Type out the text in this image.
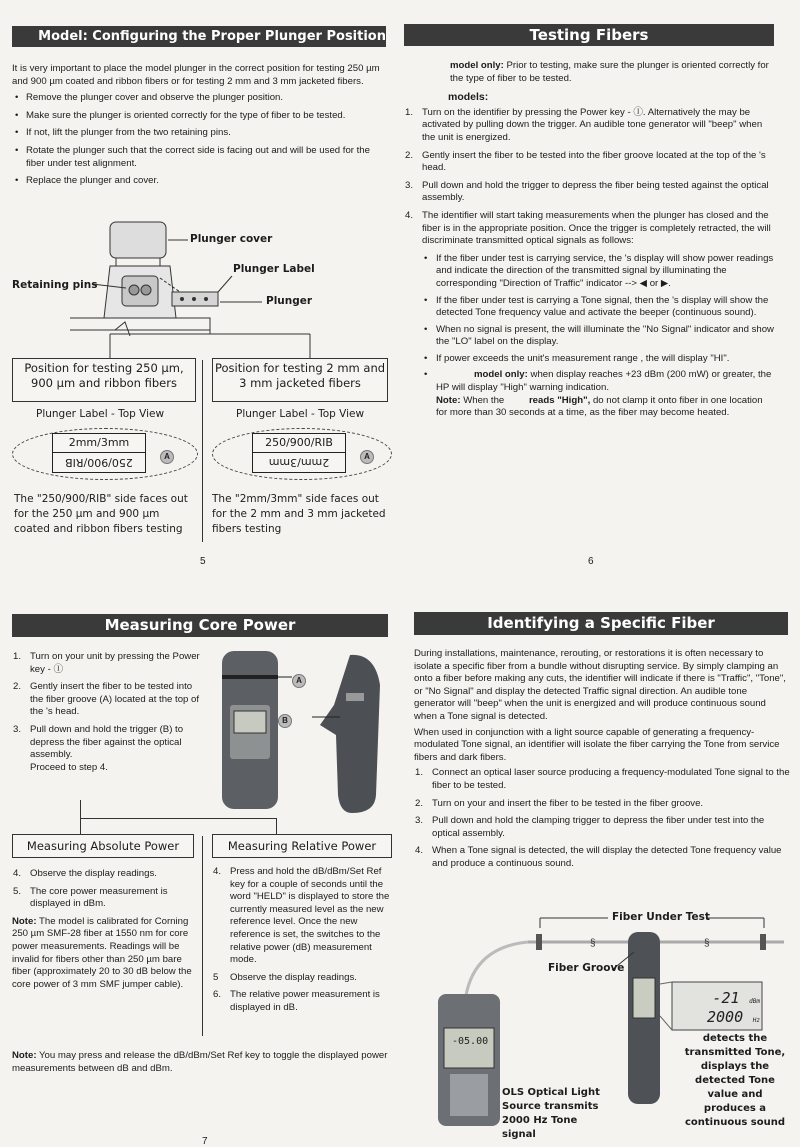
Model: Configuring the Proper Plunger Position

It is very important to place the model plunger in the correct position for testing 250 µm and 900 µm coated and ribbon fibers or for testing 2 mm and 3 mm jacketed fibers.

• Remove the plunger cover and observe the plunger position.
• Make sure the plunger is oriented correctly for the type of fiber to be tested.
• If not, lift the plunger from the two retaining pins.
• Rotate the plunger such that the correct side is facing out and will be used for the fiber under test alignment.
• Replace the plunger and cover.
Plunger cover
Plunger Label
Retaining pins
Plunger
Position for testing 250 µm, 900 µm and ribbon fibers
Position for testing 2 mm and 3 mm jacketed fibers
Plunger Label - Top View	Plunger Label - Top View
2mm/3mm
250/900/RIB	A
250/900/RIB
2mm/3mm	A
The "250/900/RIB" side faces out for the 250 µm and 900 µm coated and ribbon fibers testing
The "2mm/3mm" side faces out for the 2 mm and 3 mm jacketed fibers testing
5
Testing Fibers

model only: Prior to testing, make sure the plunger is oriented correctly for the type of fiber to be tested.

models:

1. Turn on the identifier by pressing the Power key - Ⓘ. Alternatively the may be activated by pulling down the trigger. An audible tone generator will "beep" when the unit is energized.
2. Gently insert the fiber to be tested into the fiber groove located at the top of the 's head.
3. Pull down and hold the trigger to depress the fiber being tested against the optical assembly.
4. The identifier will start taking measurements when the plunger has closed and the fiber is in the appropriate position. Once the trigger is completely retracted, the will discriminate transmitted optical signals as follows:
• If the fiber under test is carrying service, the 's display will show power readings and indicate the direction of the transmitted signal by illuminating the corresponding "Direction of Traffic" indicator --> ◀ or ▶.
• If the fiber under test is carrying a Tone signal, then the 's display will show the detected Tone frequency value and activate the beeper (continuous sound).
• When no signal is present, the will illuminate the "No Signal" indicator and show the "LO" label on the display.
• If power exceeds the unit's measurement range , the will display "HI".
• model only: when display reaches +23 dBm (200 mW) or greater, the HP will display "High" warning indication.
Note: When the	reads "High", do not clamp it onto fiber in one location for more than 30 seconds at a time, as the fiber may become heated.
6
Measuring Core Power
1. Turn on your unit by pressing the Power key - Ⓘ
2. Gently insert the fiber to be tested into the fiber groove (A) located at the top of the 's head.
3. Pull down and hold the trigger (B) to depress the fiber against the optical assembly.
Proceed to step 4.
A
B
Measuring Absolute Power	Measuring Relative Power
4. Observe the display readings.
5. The core power measurement is displayed in dBm.

Note: The model is calibrated for Corning 250 µm SMF-28 fiber at 1550 nm for core power measurements. Readings will be invalid for fibers other than 250 µm bare fiber (approximately 20 to 30 dB below the core power of 3 mm SMF jumper cable).

4. Press and hold the dB/dBm/Set Ref key for a couple of seconds until the word "HELD" is displayed to store the currently measured level as the new reference level. Once the new reference is set, the switches to the relative power (dB) measurement mode.
5 Observe the display readings.
6. The relative power measurement is displayed in dB.
Note: You may press and release the dB/dBm/Set Ref key to toggle the displayed power measurements between dB and dBm.
Identifying a Specific Fiber

During installations, maintenance, rerouting, or restorations it is often necessary to isolate a specific fiber from a bundle without disrupting service. By simply clamping an onto a fiber before making any cuts, the identifier will indicate if there is "Traffic", "Tone", or "No Signal" and display the detected Traffic signal direction. An audible tone generator will "beep" when the unit is energized and will produce continuous sound when a Tone signal is detected.

When used in conjunction with a light source capable of generating a frequency-modulated Tone signal, an identifier will isolate the fiber carrying the Tone from service fibers and dark fibers.

1. Connect an optical laser source producing a frequency-modulated Tone signal to the fiber to be tested.
2. Turn on your and insert the fiber to be tested in the fiber groove.
3. Pull down and hold the clamping trigger to depress the fiber under test into the optical assembly.
4. When a Tone signal is detected, the will display the detected Tone frequency value and produce a continuous sound.
§	§
Fiber Under Test
Fiber Groove
-21 dBm
2000 Hz
-05.00	detects the transmitted Tone, displays the detected Tone value and produces a continuous sound
OLS Optical Light Source transmits 2000 Hz Tone signal
7
